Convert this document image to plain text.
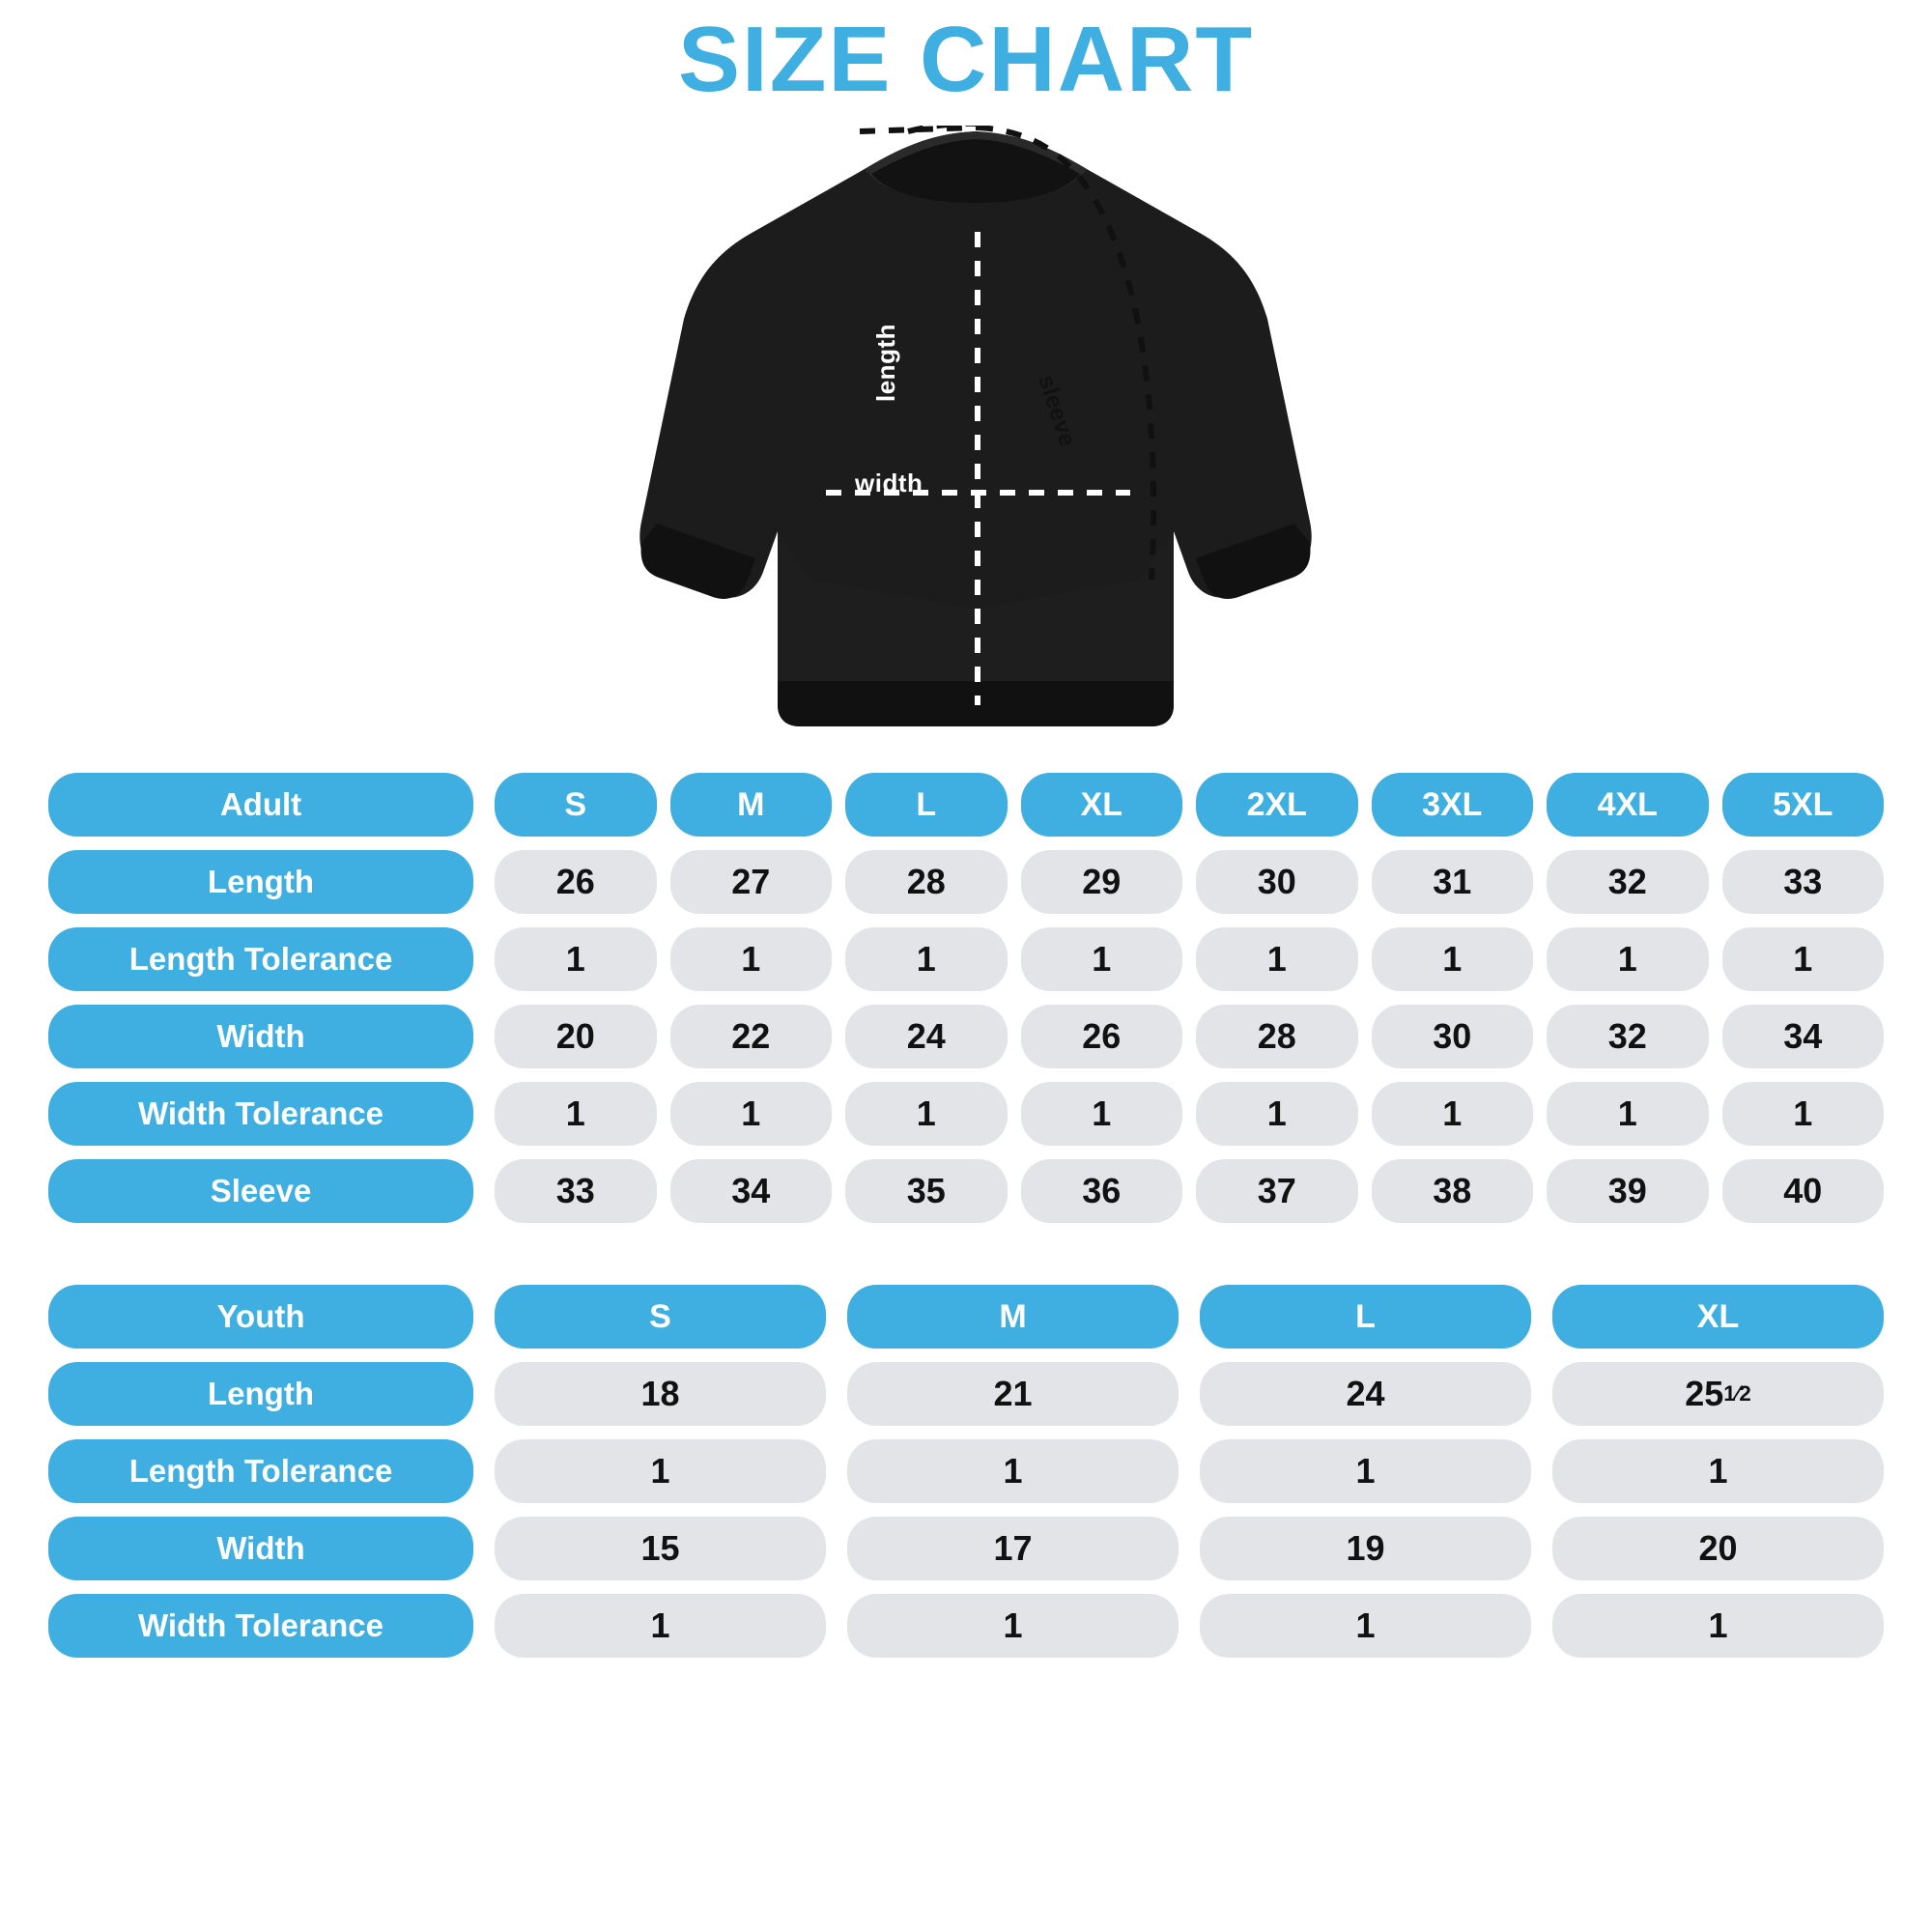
SIZE CHART
width
length
sleeve
Adult	S	M	L	XL	2XL	3XL	4XL	5XL
Length	26	27	28	29	30	31	32	33
Length Tolerance	1	1	1	1	1	1	1	1
Width	20	22	24	26	28	30	32	34
Width Tolerance	1	1	1	1	1	1	1	1
Sleeve	33	34	35	36	37	38	39	40
Youth	S	M	L	XL
Length	18	21	24	25 1⁄2
Length Tolerance	1	1	1	1
Width	15	17	19	20
Width Tolerance	1	1	1	1
